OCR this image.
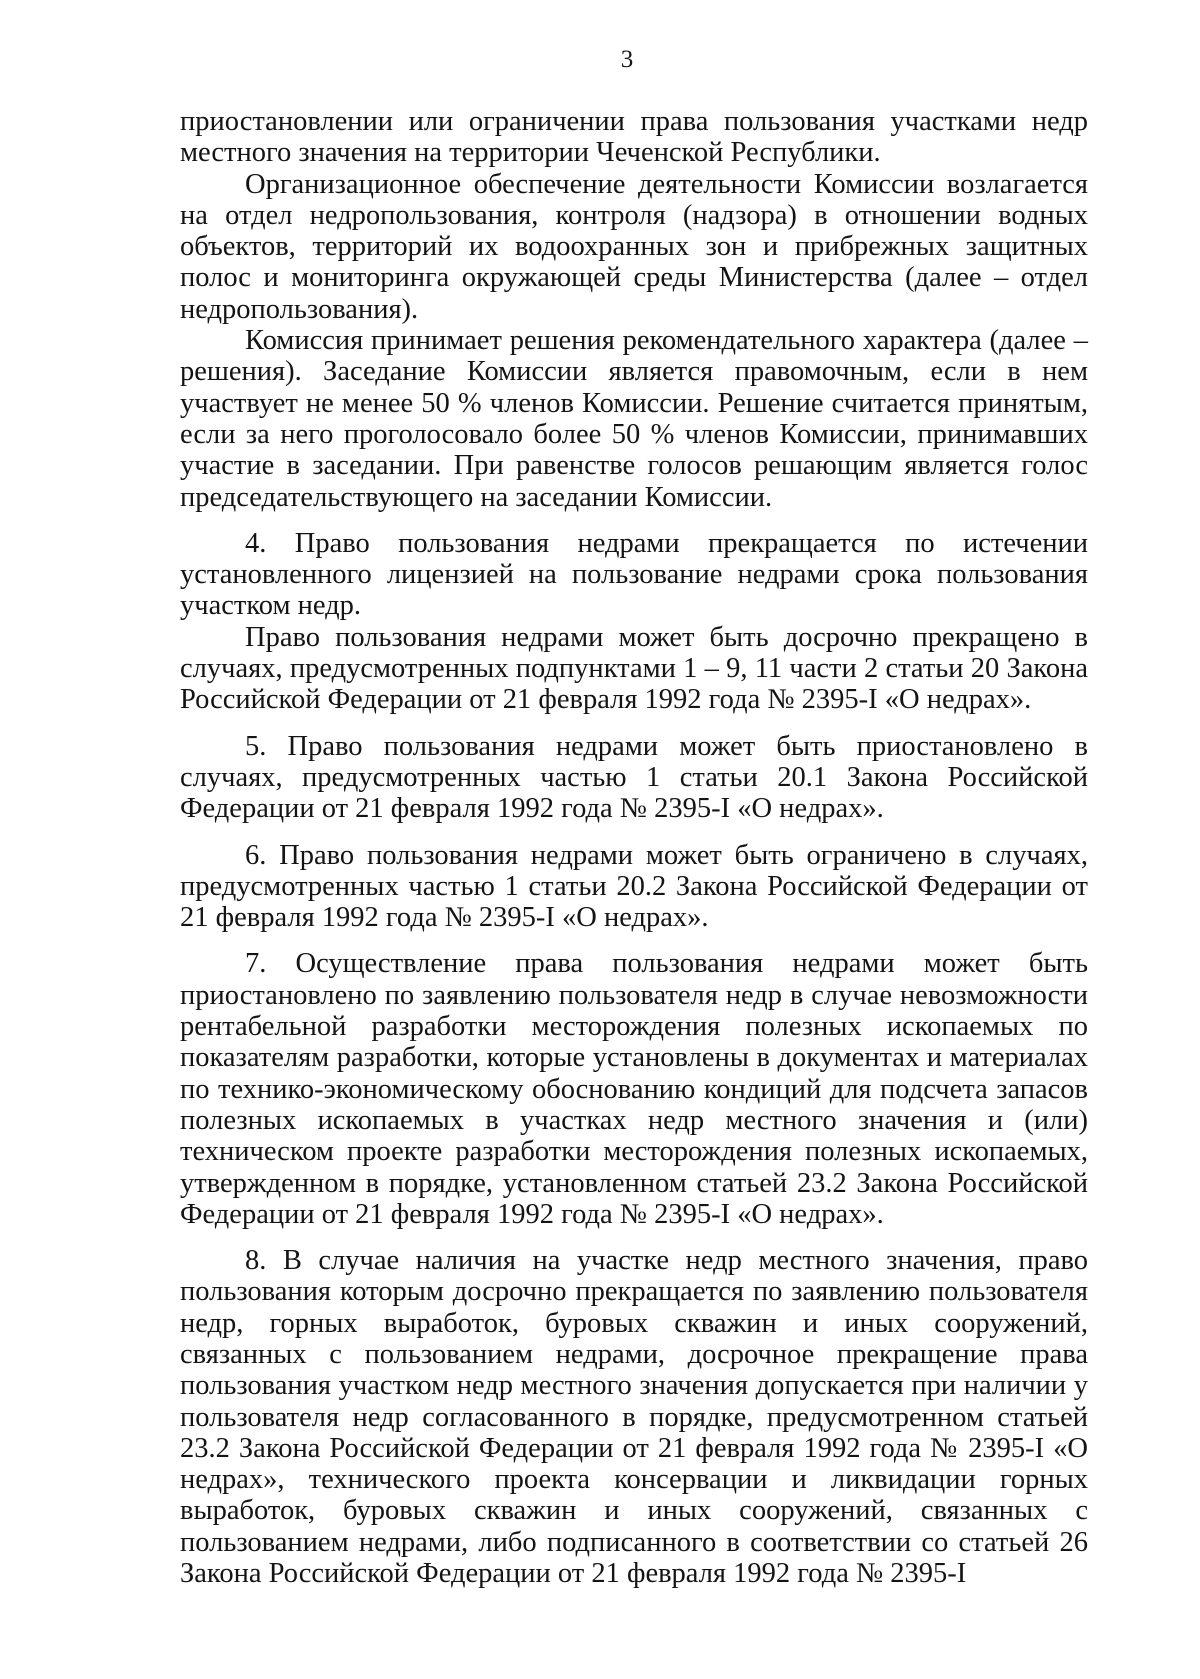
3

приостановлении или ограничении права пользования участками недр местного значения на территории Чеченской Республики.

Организационное обеспечение деятельности Комиссии возлагается на отдел недропользования, контроля (надзора) в отношении водных объектов, территорий их водоохранных зон и прибрежных защитных полос и мониторинга окружающей среды Министерства (далее – отдел недропользования).

Комиссия принимает решения рекомендательного характера (далее – решения). Заседание Комиссии является правомочным, если в нем участвует не менее 50 % членов Комиссии. Решение считается принятым, если за него проголосовало более 50 % членов Комиссии, принимавших участие в заседании. При равенстве голосов решающим является голос председательствующего на заседании Комиссии.

4. Право пользования недрами прекращается по истечении установленного лицензией на пользование недрами срока пользования участком недр.

Право пользования недрами может быть досрочно прекращено в случаях, предусмотренных подпунктами 1 – 9, 11 части 2 статьи 20 Закона Российской Федерации от 21 февраля 1992 года № 2395-I «О недрах».

5. Право пользования недрами может быть приостановлено в случаях, предусмотренных частью 1 статьи 20.1 Закона Российской Федерации от 21 февраля 1992 года № 2395-I «О недрах».

6. Право пользования недрами может быть ограничено в случаях, предусмотренных частью 1 статьи 20.2 Закона Российской Федерации от 21 февраля 1992 года № 2395-I «О недрах».

7. Осуществление права пользования недрами может быть приостановлено по заявлению пользователя недр в случае невозможности рентабельной разработки месторождения полезных ископаемых по показателям разработки, которые установлены в документах и материалах по технико-экономическому обоснованию кондиций для подсчета запасов полезных ископаемых в участках недр местного значения и (или) техническом проекте разработки месторождения полезных ископаемых, утвержденном в порядке, установленном статьей 23.2 Закона Российской Федерации от 21 февраля 1992 года № 2395-I «О недрах».

8. В случае наличия на участке недр местного значения, право пользования которым досрочно прекращается по заявлению пользователя недр, горных выработок, буровых скважин и иных сооружений, связанных с пользованием недрами, досрочное прекращение права пользования участком недр местного значения допускается при наличии у пользователя недр согласованного в порядке, предусмотренном статьей 23.2 Закона Российской Федерации от 21 февраля 1992 года № 2395-I «О недрах», технического проекта консервации и ликвидации горных выработок, буровых скважин и иных сооружений, связанных с пользованием недрами, либо подписанного в соответствии со статьей 26 Закона Российской Федерации от 21 февраля 1992 года № 2395-I
